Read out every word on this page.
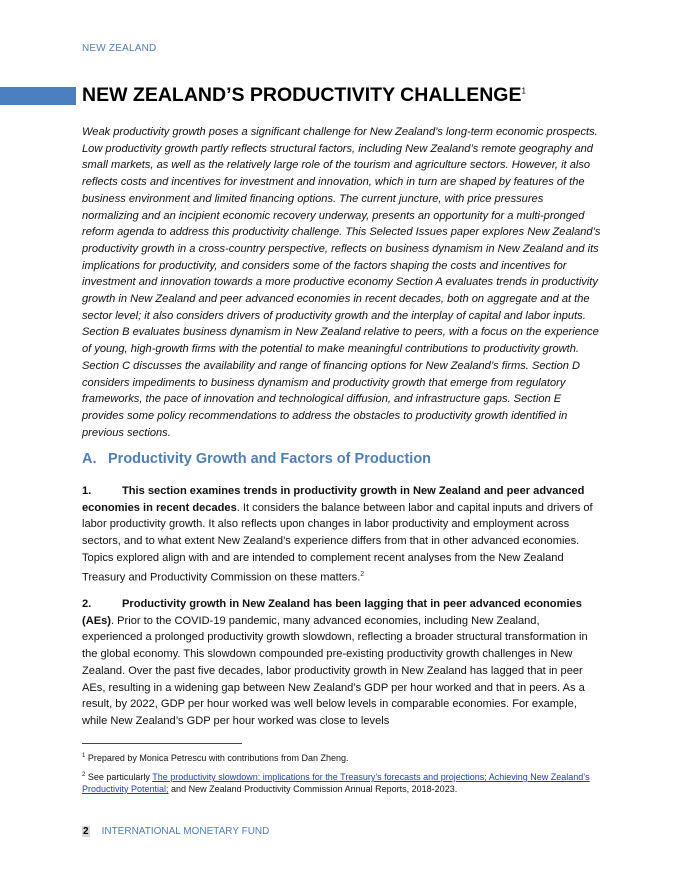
NEW ZEALAND
NEW ZEALAND’S PRODUCTIVITY CHALLENGE$^1$

Weak productivity growth poses a significant challenge for New Zealand’s long-term economic prospects. Low productivity growth partly reflects structural factors, including New Zealand’s remote geography and small markets, as well as the relatively large role of the tourism and agriculture sectors. However, it also reflects costs and incentives for investment and innovation, which in turn are shaped by features of the business environment and limited financing options. The current juncture, with price pressures normalizing and an incipient economic recovery underway, presents an opportunity for a multi-pronged reform agenda to address this productivity challenge. This Selected Issues paper explores New Zealand’s productivity growth in a cross-country perspective, reflects on business dynamism in New Zealand and its implications for productivity, and considers some of the factors shaping the costs and incentives for investment and innovation towards a more productive economy Section A evaluates trends in productivity growth in New Zealand and peer advanced economies in recent decades, both on aggregate and at the sector level; it also considers drivers of productivity growth and the interplay of capital and labor inputs. Section B evaluates business dynamism in New Zealand relative to peers, with a focus on the experience of young, high-growth firms with the potential to make meaningful contributions to productivity growth. Section C discusses the availability and range of financing options for New Zealand’s firms. Section D considers impediments to business dynamism and productivity growth that emerge from regulatory frameworks, the pace of innovation and technological diffusion, and infrastructure gaps. Section E provides some policy recommendations to address the obstacles to productivity growth identified in previous sections.

A. Productivity Growth and Factors of Production

1.	This section examines trends in productivity growth in New Zealand and peer advanced economies in recent decades. It considers the balance between labor and capital inputs and drivers of labor productivity growth. It also reflects upon changes in labor productivity and employment across sectors, and to what extent New Zealand’s experience differs from that in other advanced economies. Topics explored align with and are intended to complement recent analyses from the New Zealand Treasury and Productivity Commission on these matters.$^2$

2.	Productivity growth in New Zealand has been lagging that in peer advanced economies (AEs). Prior to the COVID-19 pandemic, many advanced economies, including New Zealand, experienced a prolonged productivity growth slowdown, reflecting a broader structural transformation in the global economy. This slowdown compounded pre-existing productivity growth challenges in New Zealand. Over the past five decades, labor productivity growth in New Zealand has lagged that in peer AEs, resulting in a widening gap between New Zealand’s GDP per hour worked and that in peers. As a result, by 2022, GDP per hour worked was well below levels in comparable economies. For example, while New Zealand’s GDP per hour worked was close to levels

$^1$ Prepared by Monica Petrescu with contributions from Dan Zheng.

$^2$ See particularly The productivity slowdown: implications for the Treasury’s forecasts and projections; Achieving New Zealand’s Productivity Potential; and New Zealand Productivity Commission Annual Reports, 2018-2023.

2 INTERNATIONAL MONETARY FUND
